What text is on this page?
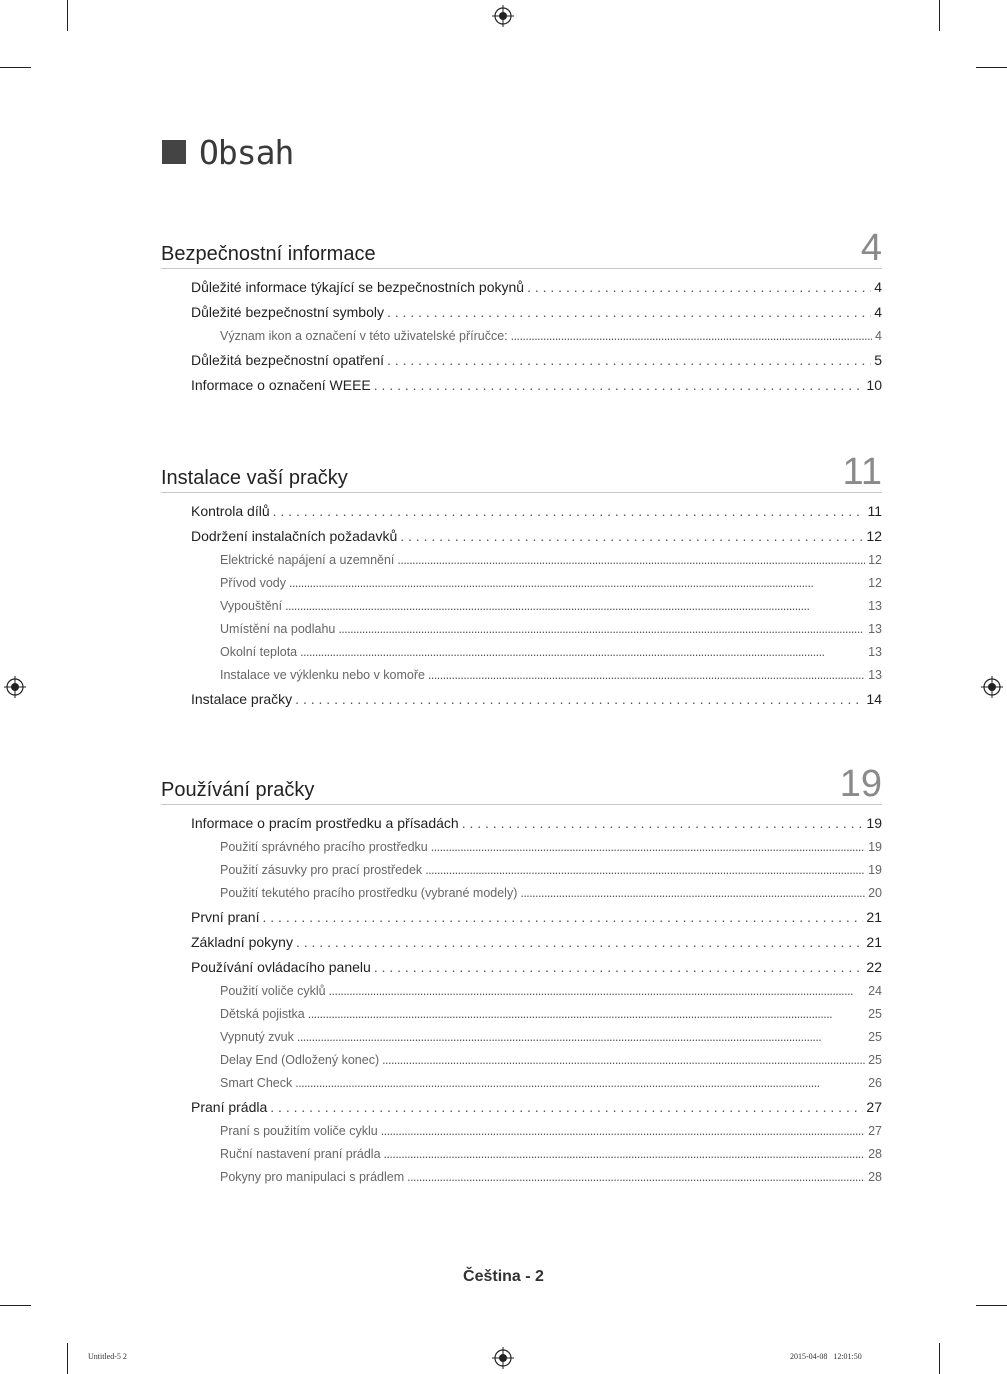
Obsah
Bezpečnostní informace	4
Důležité informace týkající se bezpečnostních pokynů . . .	4
Důležité bezpečnostní symboly . . .	4
Význam ikon a označení v této uživatelské příručce: . . .	4
Důležitá bezpečnostní opatření . . .	5
Informace o označení WEEE . . .	10
Instalace vaší pračky	11
Kontrola dílů . . .	11
Dodržení instalačních požadavků . . .	12
Elektrické napájení a uzemnění . . .	12
Přívod vody . . .	12
Vypouštění . . .	13
Umístění na podlahu . . .	13
Okolní teplota . . .	13
Instalace ve výklenku nebo v komoře . . .	13
Instalace pračky . . .	14
Používání pračky	19
Informace o pracím prostředku a přísadách . . .	19
Použití správného pracího prostředku . . .	19
Použití zásuvky pro prací prostředek . . .	19
Použití tekutého pracího prostředku (vybrané modely) . . .	20
První praní . . .	21
Základní pokyny . . .	21
Používání ovládacího panelu . . .	22
Použití voliče cyklů . . .	24
Dětská pojistka . . .	25
Vypnutý zvuk . . .	25
Delay End (Odložený konec) . . .	25
Smart Check . . .	26
Praní prádla . . .	27
Praní s použitím voliče cyklu . . .	27
Ruční nastavení praní prádla . . .	28
Pokyny pro manipulaci s prádlem . . .	28
Čeština - 2
Untitled-5 2	2015-04-08   12:01:50
